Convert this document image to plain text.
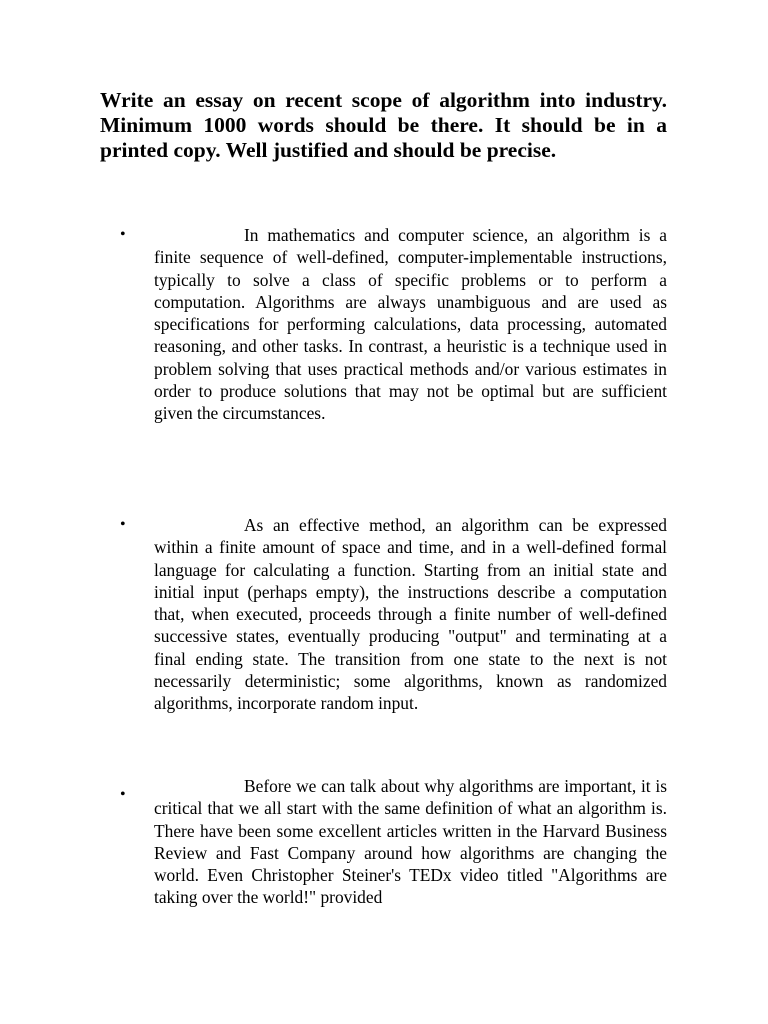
Write an essay on recent scope of algorithm into industry. Minimum 1000 words should be there. It should be in a printed copy. Well justified and should be precise.

•	In mathematics and computer science, an algorithm is a finite sequence of well-defined, computer-implementable instructions, typically to solve a class of specific problems or to perform a computation. Algorithms are always unambiguous and are used as specifications for performing calculations, data processing, automated reasoning, and other tasks. In contrast, a heuristic is a technique used in problem solving that uses practical methods and/or various estimates in order to produce solutions that may not be optimal but are sufficient given the circumstances.

•	As an effective method, an algorithm can be expressed within a finite amount of space and time, and in a well-defined formal language for calculating a function. Starting from an initial state and initial input (perhaps empty), the instructions describe a computation that, when executed, proceeds through a finite number of well-defined successive states, eventually producing "output" and terminating at a final ending state. The transition from one state to the next is not necessarily deterministic; some algorithms, known as randomized algorithms, incorporate random input.

•	Before we can talk about why algorithms are important, it is critical that we all start with the same definition of what an algorithm is. There have been some excellent articles written in the Harvard Business Review and Fast Company around how algorithms are changing the world. Even Christopher Steiner's TEDx video titled "Algorithms are taking over the world!" provided
